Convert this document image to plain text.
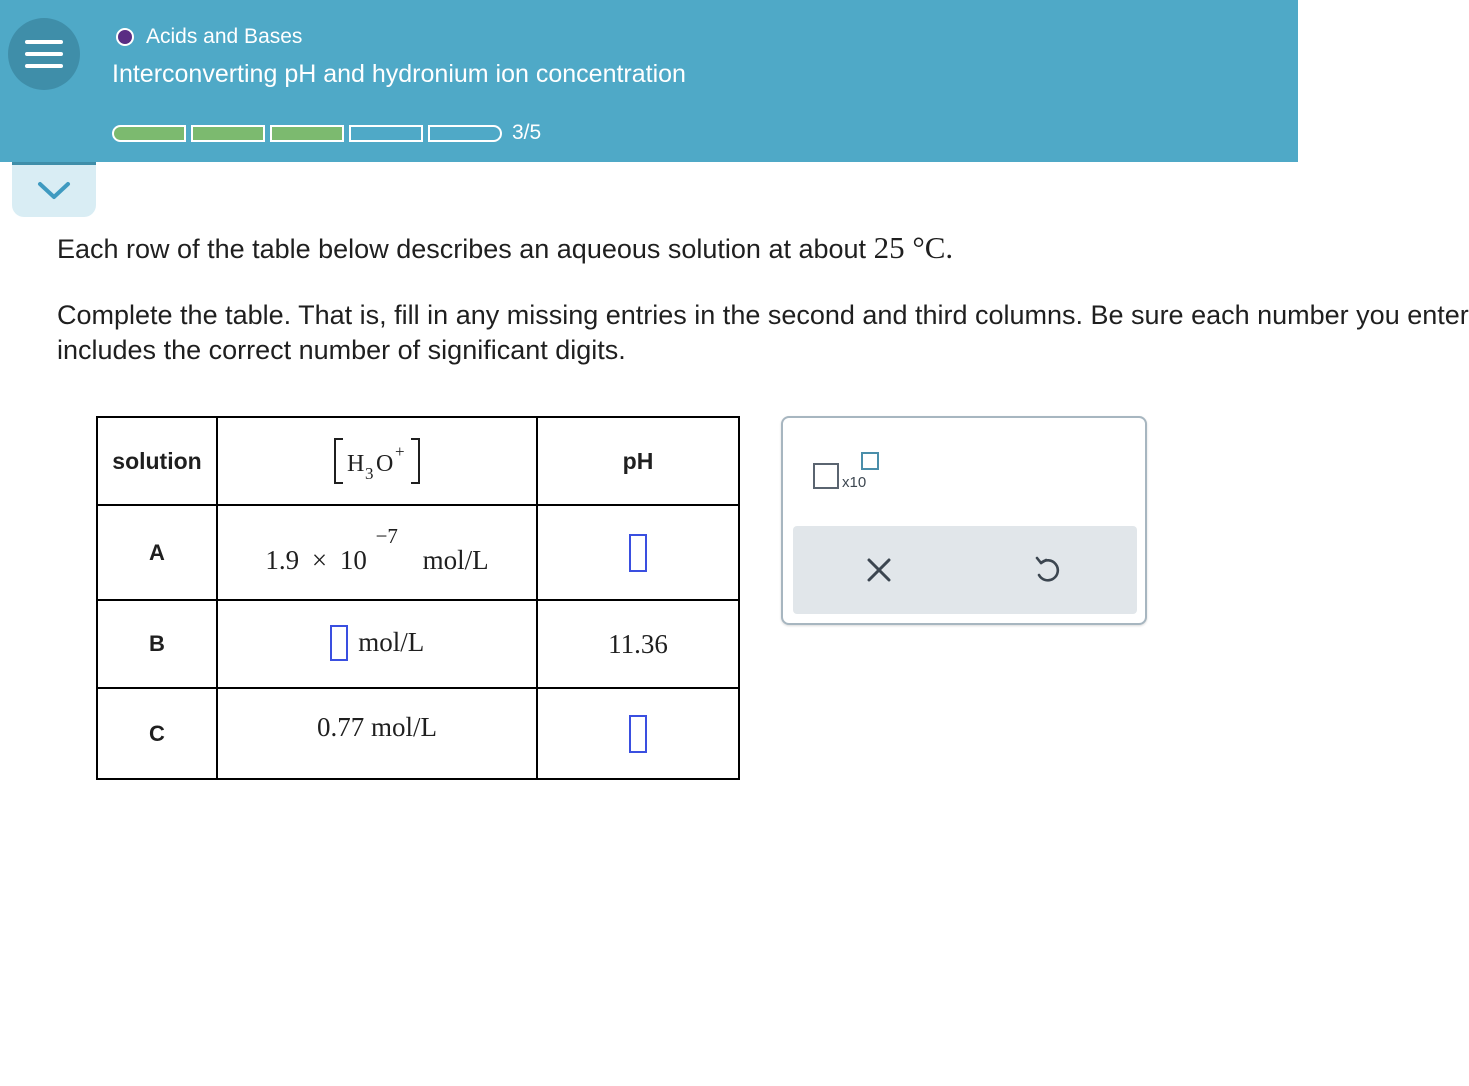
Acids and Bases
Interconverting pH and hydronium ion concentration
3/5
Each row of the table below describes an aqueous solution at about 25 °C.
Complete the table. That is, fill in any missing entries in the second and third columns. Be sure each number you enter
includes the correct number of significant digits.
solution	H 3 O +	pH
A	1.9 × 10 $^{-7}$ mol/L	
B	mol/L	11.36
C	0.77 mol/L	
x10
